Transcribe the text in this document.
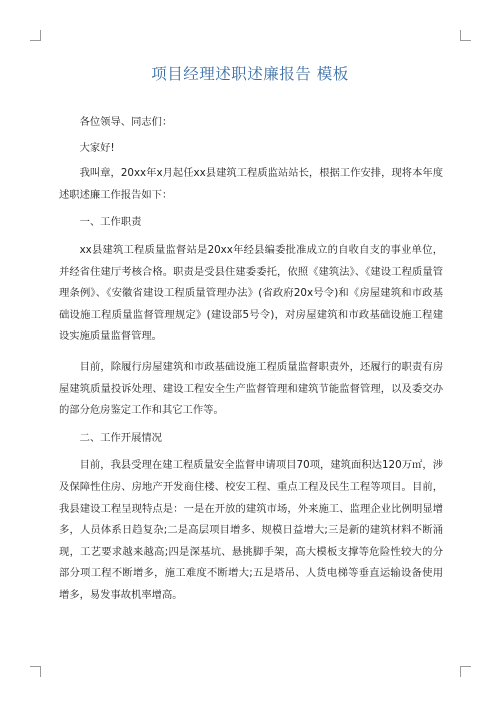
项目经理述职述廉报告 模板

各位领导、同志们：

大家好!

我叫章，20xx年x月起任xx县建筑工程质监站站长，根据工作安排，现将本年度述职述廉工作报告如下：

一、工作职责

xx县建筑工程质量监督站是20xx年经县编委批准成立的自收自支的事业单位，并经省住建厅考核合格。职责是受县住建委委托，依照《建筑法》、《建设工程质量管理条例》、《安徽省建设工程质量管理办法》(省政府20x号令)和《房屋建筑和市政基础设施工程质量监督管理规定》(建设部5号令)，对房屋建筑和市政基础设施工程建设实施质量监督管理。

目前，除履行房屋建筑和市政基础设施工程质量监督职责外，还履行的职责有房屋建筑质量投诉处理、建设工程安全生产监督管理和建筑节能监督管理，以及委交办的部分危房鉴定工作和其它工作等。

二、工作开展情况

目前，我县受理在建工程质量安全监督申请项目70项，建筑面积达120万㎡，涉及保障性住房、房地产开发商住楼、校安工程、重点工程及民生工程等项目。目前，我县建设工程呈现特点是：一是在开放的建筑市场，外来施工、监理企业比例明显增多，人员体系日趋复杂;二是高层项目增多、规模日益增大;三是新的建筑材料不断涌现，工艺要求越来越高;四是深基坑、悬挑脚手架，高大模板支撑等危险性较大的分部分项工程不断增多，施工难度不断增大;五是塔吊、人货电梯等垂直运输设备使用增多，易发事故机率增高。
